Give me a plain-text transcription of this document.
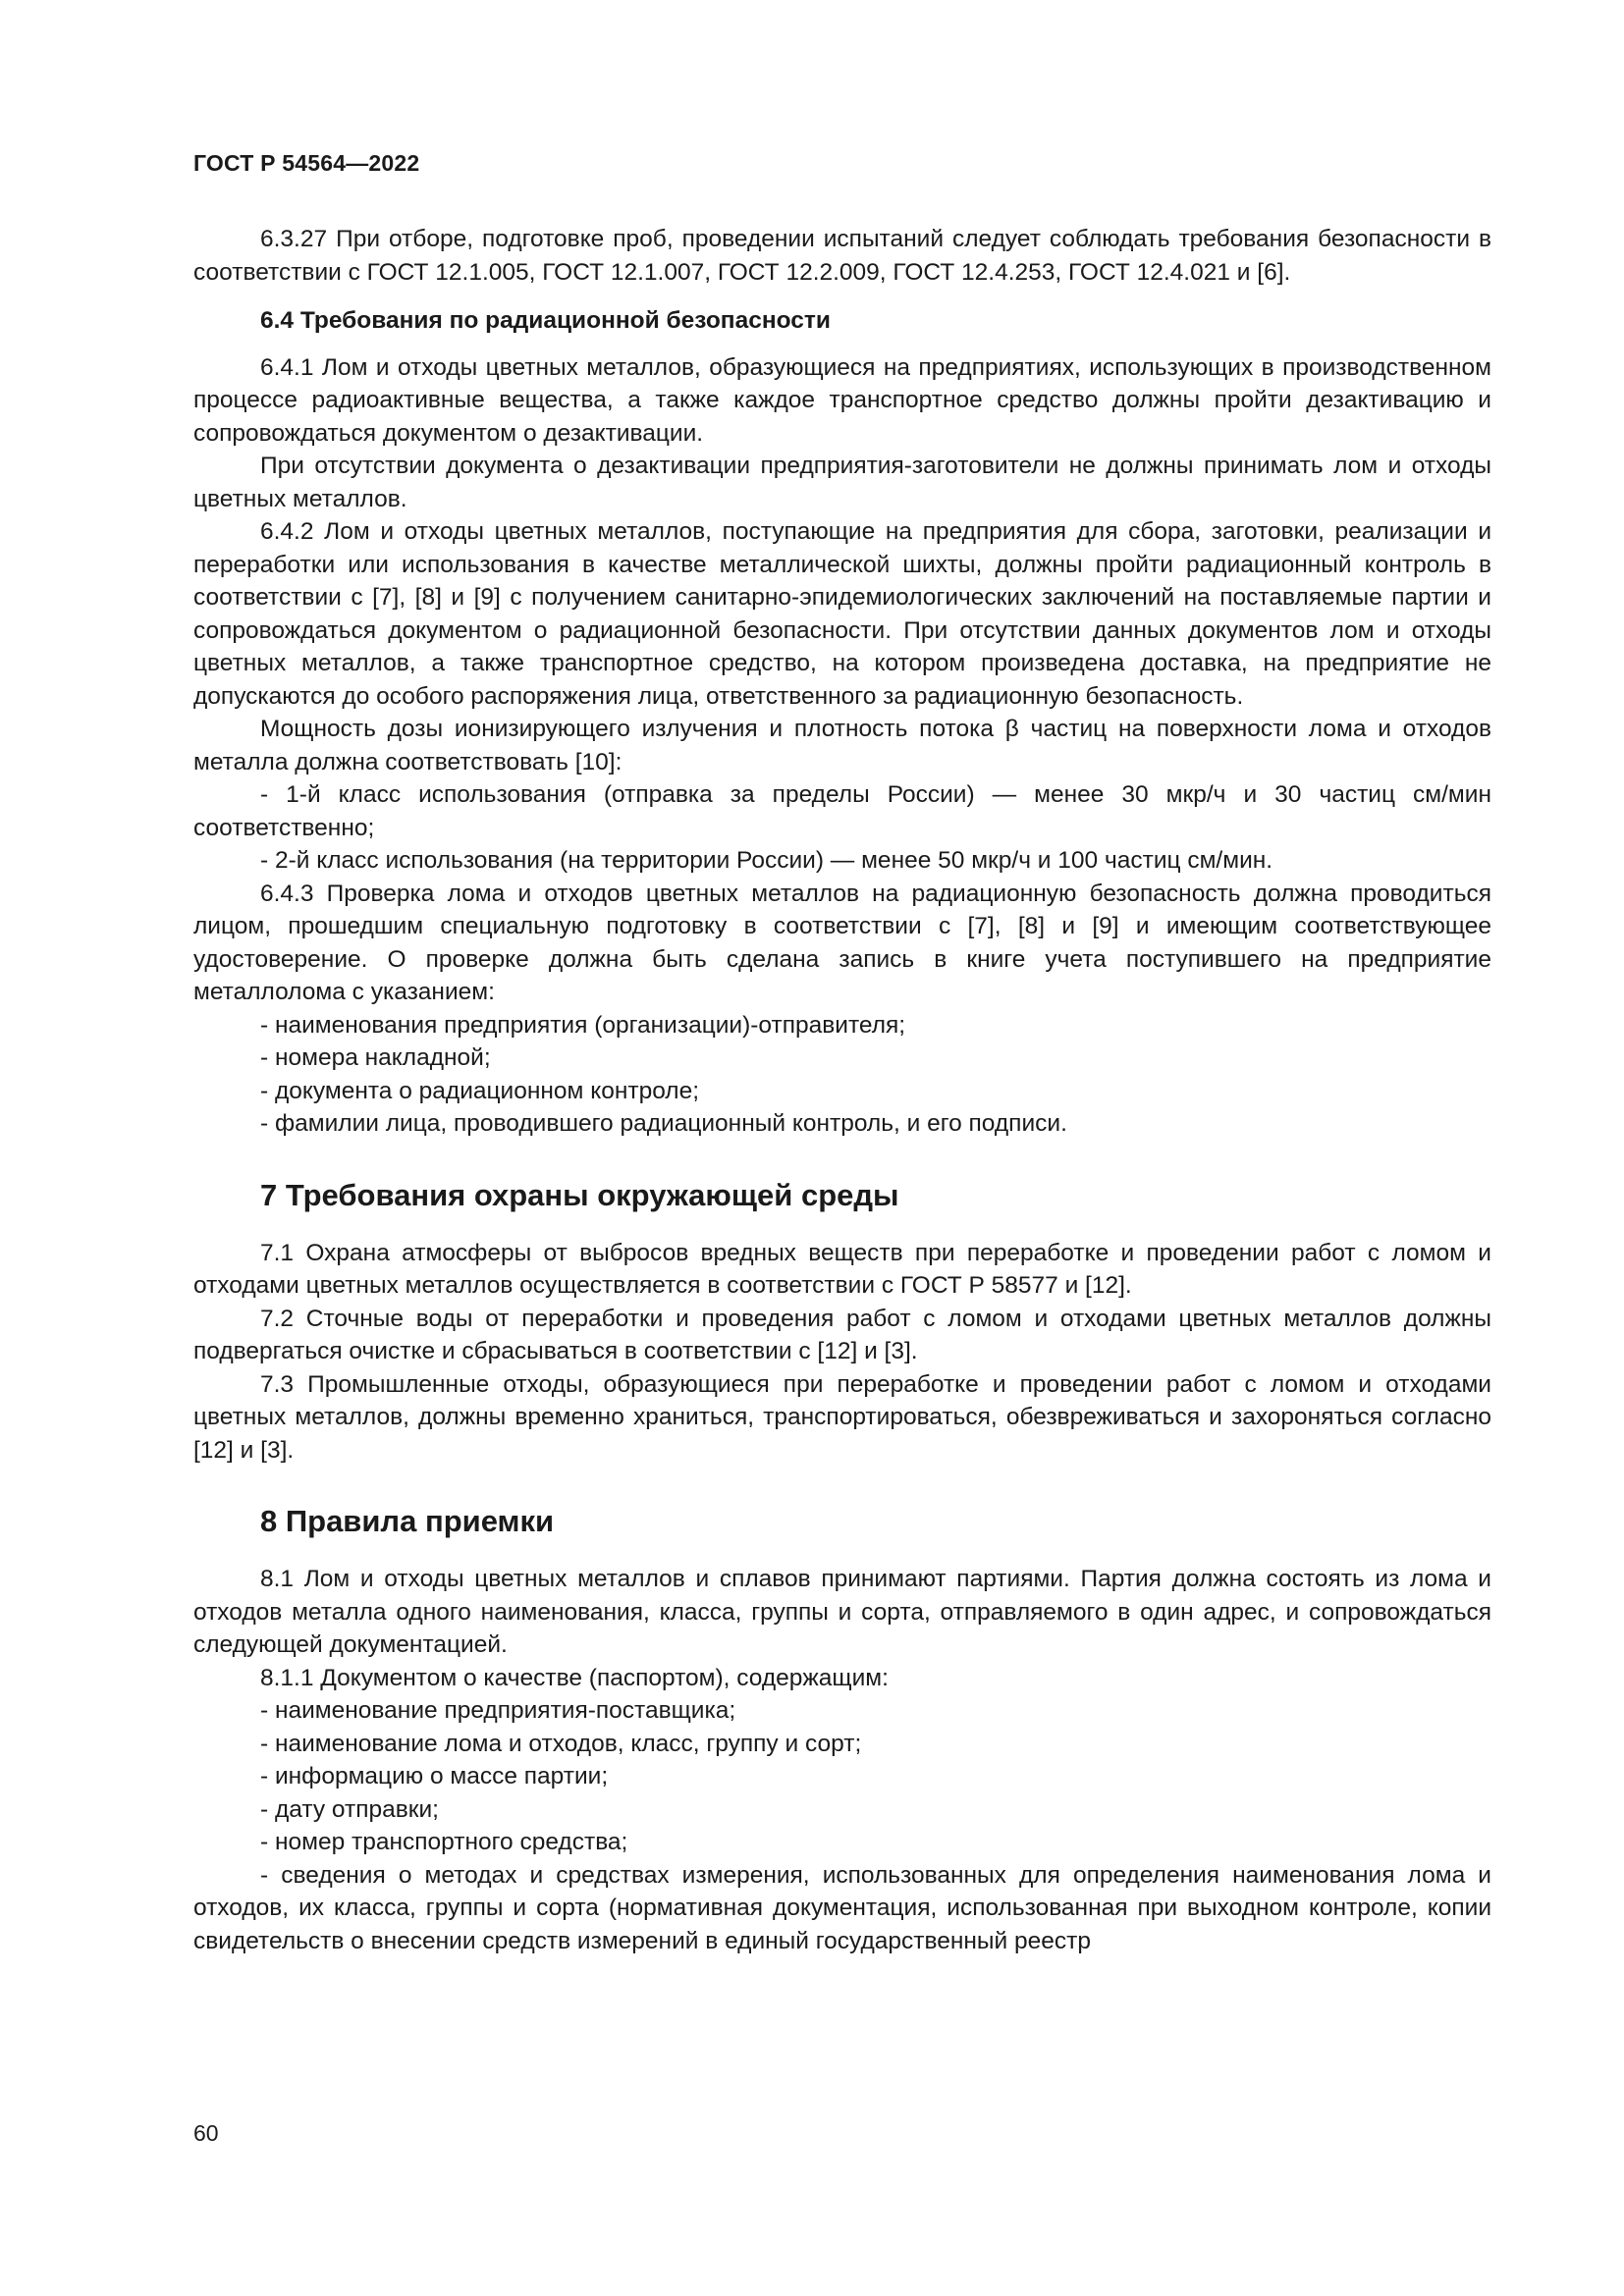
ГОСТ Р 54564—2022

6.3.27 При отборе, подготовке проб, проведении испытаний следует соблюдать требования безопасности в соответствии с ГОСТ 12.1.005, ГОСТ 12.1.007, ГОСТ 12.2.009, ГОСТ 12.4.253, ГОСТ 12.4.021 и [6].

6.4 Требования по радиационной безопасности

6.4.1 Лом и отходы цветных металлов, образующиеся на предприятиях, использующих в производственном процессе радиоактивные вещества, а также каждое транспортное средство должны пройти дезактивацию и сопровождаться документом о дезактивации.

При отсутствии документа о дезактивации предприятия-заготовители не должны принимать лом и отходы цветных металлов.

6.4.2 Лом и отходы цветных металлов, поступающие на предприятия для сбора, заготовки, реализации и переработки или использования в качестве металлической шихты, должны пройти радиационный контроль в соответствии с [7], [8] и [9] с получением санитарно-эпидемиологических заключений на поставляемые партии и сопровождаться документом о радиационной безопасности. При отсутствии данных документов лом и отходы цветных металлов, а также транспортное средство, на котором произведена доставка, на предприятие не допускаются до особого распоряжения лица, ответственного за радиационную безопасность.

Мощность дозы ионизирующего излучения и плотность потока β частиц на поверхности лома и отходов металла должна соответствовать [10]:

- 1-й класс использования (отправка за пределы России) — менее 30 мкр/ч и 30 частиц см/мин соответственно;

- 2-й класс использования (на территории России) — менее 50 мкр/ч и 100 частиц см/мин.

6.4.3 Проверка лома и отходов цветных металлов на радиационную безопасность должна проводиться лицом, прошедшим специальную подготовку в соответствии с [7], [8] и [9] и имеющим соответствующее удостоверение. О проверке должна быть сделана запись в книге учета поступившего на предприятие металлолома с указанием:

- наименования предприятия (организации)-отправителя;

- номера накладной;

- документа о радиационном контроле;

- фамилии лица, проводившего радиационный контроль, и его подписи.

7 Требования охраны окружающей среды

7.1 Охрана атмосферы от выбросов вредных веществ при переработке и проведении работ с ломом и отходами цветных металлов осуществляется в соответствии с ГОСТ Р 58577 и [12].

7.2 Сточные воды от переработки и проведения работ с ломом и отходами цветных металлов должны подвергаться очистке и сбрасываться в соответствии с [12] и [3].

7.3 Промышленные отходы, образующиеся при переработке и проведении работ с ломом и отходами цветных металлов, должны временно храниться, транспортироваться, обезвреживаться и захороняться согласно [12] и [3].

8 Правила приемки

8.1 Лом и отходы цветных металлов и сплавов принимают партиями. Партия должна состоять из лома и отходов металла одного наименования, класса, группы и сорта, отправляемого в один адрес, и сопровождаться следующей документацией.

8.1.1 Документом о качестве (паспортом), содержащим:

- наименование предприятия-поставщика;

- наименование лома и отходов, класс, группу и сорт;

- информацию о массе партии;

- дату отправки;

- номер транспортного средства;

- сведения о методах и средствах измерения, использованных для определения наименования лома и отходов, их класса, группы и сорта (нормативная документация, использованная при выходном контроле, копии свидетельств о внесении средств измерений в единый государственный реестр

60
